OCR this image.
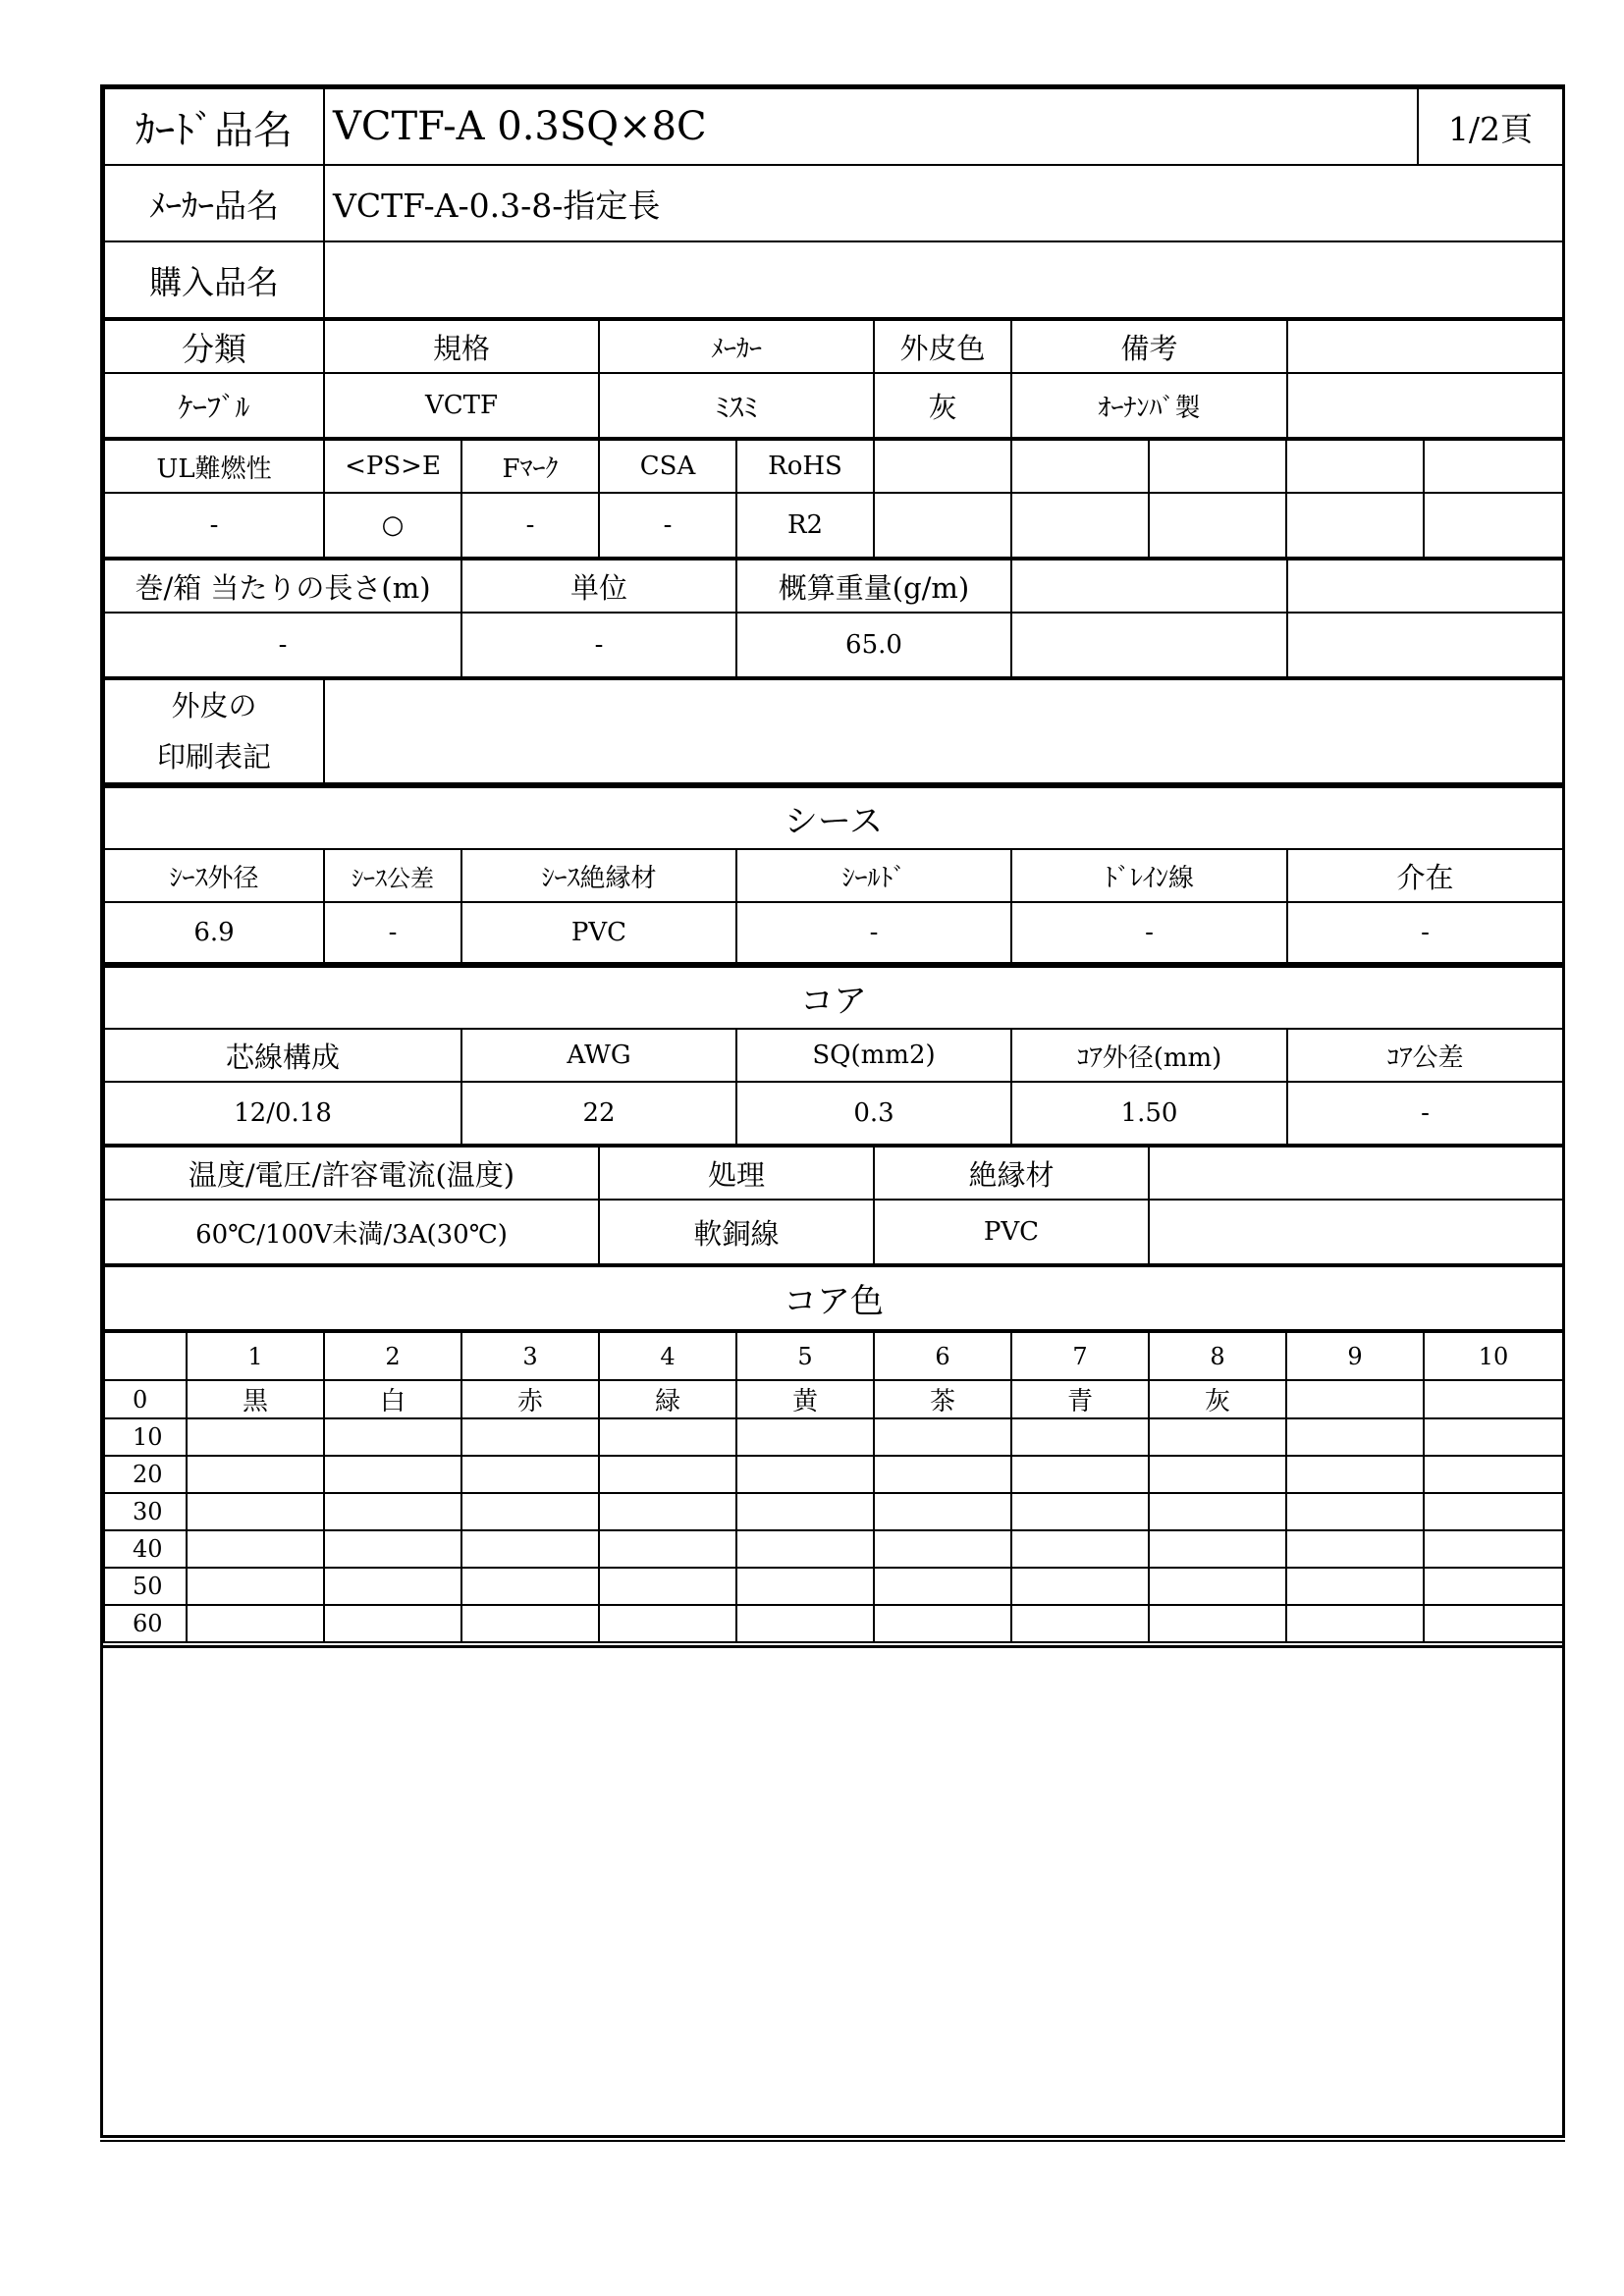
ｶｰﾄﾞ品名	VCTF-A 0.3SQ×8C	1/2頁
ﾒｰｶｰ品名	VCTF-A-0.3-8-指定長	
購入品名		
分類	規格	ﾒｰｶｰ	外皮色	備考	
ｹｰﾌﾞﾙ	VCTF	ﾐｽﾐ	灰	ｵｰﾅﾝﾊﾞ製	
UL難燃性	<PS>E	Fﾏｰｸ	CSA	RoHS					
-	○	-	-	R2					
巻/箱 当たりの長さ(m)	単位	概算重量(g/m)		
-	-	65.0		
外皮の
印刷表記

シース					
ｼｰｽ外径	ｼｰｽ公差	ｼｰｽ絶縁材	ｼｰﾙﾄﾞ	ﾄﾞﾚｲﾝ線	介在
6.9	-	PVC	-	-	-
コア				
芯線構成	AWG	SQ(mm2)	ｺｱ外径(mm)	ｺｱ公差
12/0.18	22	0.3	1.50	-
温度/電圧/許容電流(温度)	処理	絶縁材	
60℃/100V未満/3A(30℃)	軟銅線	PVC	
コア色										
	1	2	3	4	5	6	7	8	9	10
0	黒	白	赤	緑	黄	茶	青	灰		
10										
20										
30										
40										
50										
60										
